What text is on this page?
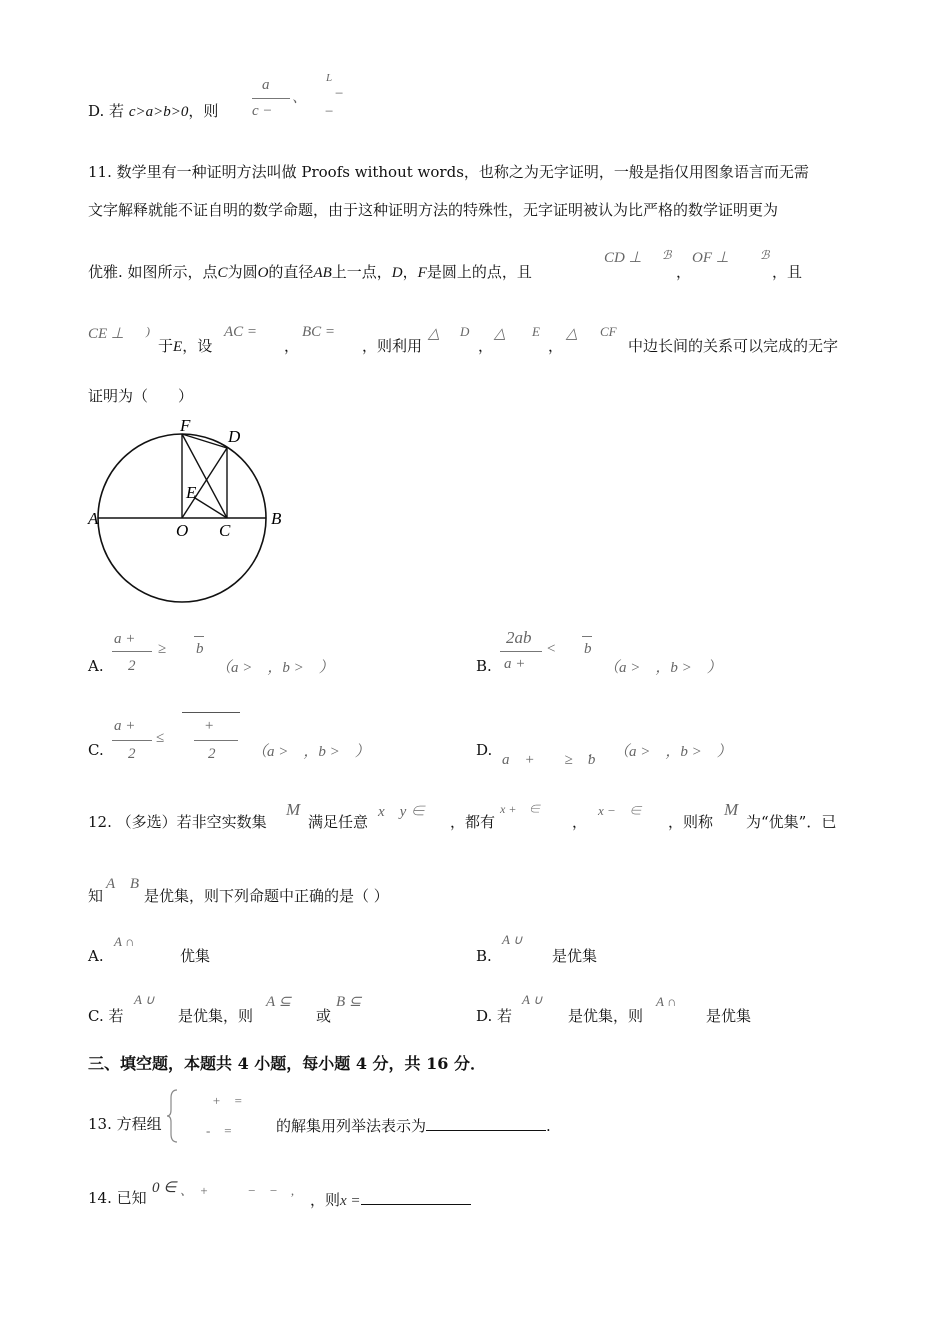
D. 若 c>a>b>0，则
a
c −
、
L
−
−
11. 数学里有一种证明方法叫做 Proofs without words，也称之为无字证明，一般是指仅用图象语言而无需
文字解释就能不证自明的数学命题，由于这种证明方法的特殊性，无字证明被认为比严格的数学证明更为
优雅. 如图所示，点C为圆O的直径AB上一点，D，F是圆上的点，且
CD ⊥ ℬ
，
OF ⊥	ℬ
，且
CE ⊥ )
于E，设
AC =
，
BC =
，则利用
△ D
，
△ E
，
△ CF
中边长间的关系可以完成的无字
证明为（　　）
F
D
E
A
O C
B
A.
a +
2
≥ b
（a >　，b >　）	B.
2ab
a +
< b
（a >　，b >　）
C.
a +
2
≤
+
2 （a >　，b >　）	D.
a　+　　≥　ƅ （a >　，b >　）
12. （多选）若非空实数集
M
满足任意
x　y ∈
，都有
x +　∈
，
x −　∈
，则称
M
为“优集”．已
知
A　B
是优集，则下列命题中正确的是（ ）
A.
A ∩
优集	B.
A ∪
是优集
C. 若
A ∪
是优集，则
A ⊆
或
B ⊆
D. 若
A ∪
是优集，则
A ∩
是优集
三、填空题，本题共 4 小题，每小题 4 分，共 16 分．
13. 方程组
+　=
-　=	的解集用列举法表示为	.
14. 已知
0 ∈ 、　+　　　−　−　,
，则x =
